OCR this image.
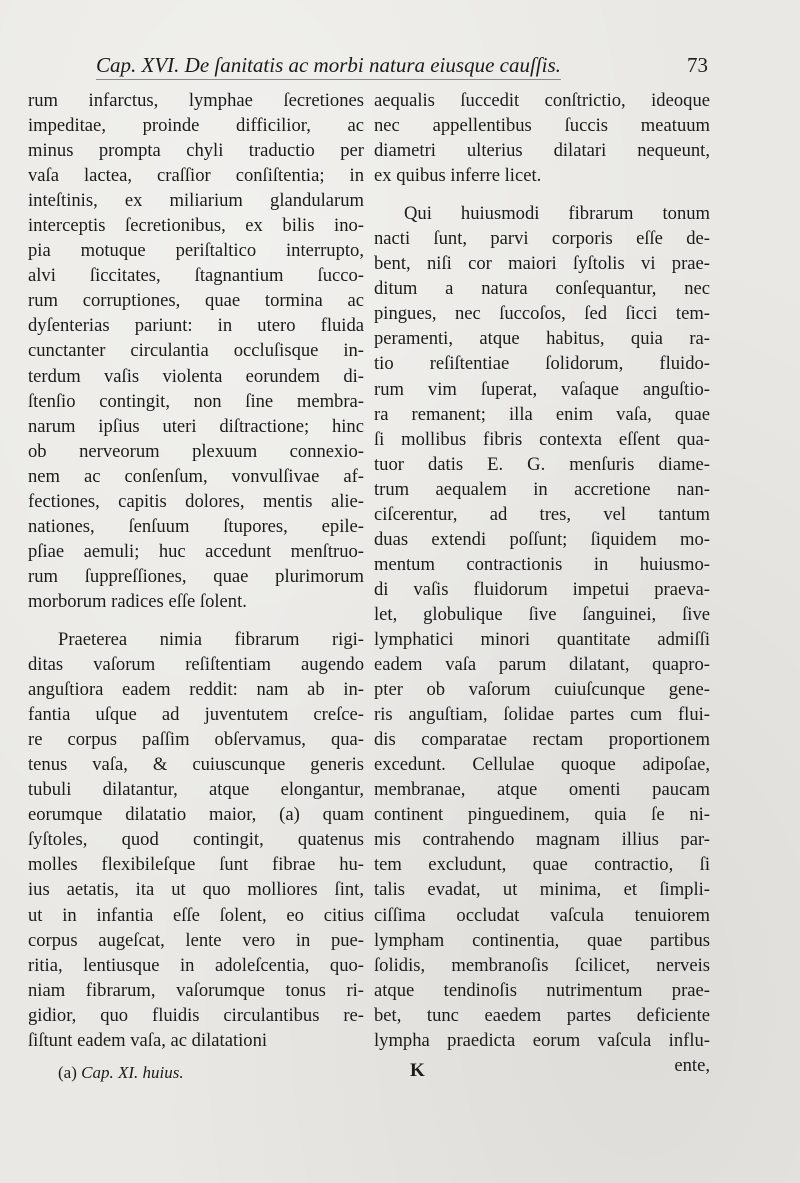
Cap. XVI. De ſanitatis ac morbi natura eiusque cauſſis.	73
rum infarctus, lymphae ſecretiones
impeditae, proinde difficilior, ac
minus prompta chyli traductio per
vaſa lactea, craſſior conſiſtentia; in
inteſtinis, ex miliarium glandularum
interceptis ſecretionibus, ex bilis ino-
pia motuque periſtaltico interrupto,
alvi ſiccitates, ſtagnantium ſucco-
rum corruptiones, quae tormina ac
dyſenterias pariunt: in utero fluida
cunctanter circulantia occluſisque in-
terdum vaſis violenta eorundem di-
ſtenſio contingit, non ſine membra-
narum ipſius uteri diſtractione; hinc
ob nerveorum plexuum connexio-
nem ac conſenſum, vonvulſivae af-
fectiones, capitis dolores, mentis alie-
nationes, ſenſuum ſtupores, epile-
pſiae aemuli; huc accedunt menſtruo-
rum ſuppreſſiones, quae plurimorum
morborum radices eſſe ſolent.
Praeterea nimia fibrarum rigi-
ditas vaſorum reſiſtentiam augendo
anguſtiora eadem reddit: nam ab in-
fantia uſque ad juventutem creſce-
re corpus paſſim obſervamus, qua-
tenus vaſa, & cuiuscunque generis
tubuli dilatantur, atque elongantur,
eorumque dilatatio maior, (a) quam
ſyſtoles, quod contingit, quatenus
molles flexibileſque ſunt fibrae hu-
ius aetatis, ita ut quo molliores ſint,
ut in infantia eſſe ſolent, eo citius
corpus augeſcat, lente vero in pue-
ritia, lentiusque in adoleſcentia, quo-
niam fibrarum, vaſorumque tonus ri-
gidior, quo fluidis circulantibus re-
ſiſtunt eadem vaſa, ac dilatationi
aequalis ſuccedit conſtrictio, ideoque
nec appellentibus ſuccis meatuum
diametri ulterius dilatari nequeunt,
ex quibus inferre licet.
Qui huiusmodi fibrarum tonum
nacti ſunt, parvi corporis eſſe de-
bent, niſi cor maiori ſyſtolis vi prae-
ditum a natura conſequantur, nec
pingues, nec ſuccoſos, ſed ſicci tem-
peramenti, atque habitus, quia ra-
tio reſiſtentiae ſolidorum, fluido-
rum vim ſuperat, vaſaque anguſtio-
ra remanent; illa enim vaſa, quae
ſi mollibus fibris contexta eſſent qua-
tuor datis E. G. menſuris diame-
trum aequalem in accretione nan-
ciſcerentur, ad tres, vel tantum
duas extendi poſſunt; ſiquidem mo-
mentum contractionis in huiusmo-
di vaſis fluidorum impetui praeva-
let, globulique ſive ſanguinei, ſive
lymphatici minori quantitate admiſſi
eadem vaſa parum dilatant, quapro-
pter ob vaſorum cuiuſcunque gene-
ris anguſtiam, ſolidae partes cum flui-
dis comparatae rectam proportionem
excedunt. Cellulae quoque adipoſae,
membranae, atque omenti paucam
continent pinguedinem, quia ſe ni-
mis contrahendo magnam illius par-
tem excludunt, quae contractio, ſi
talis evadat, ut minima, et ſimpli-
ciſſima occludat vaſcula tenuiorem
lympham continentia, quae partibus
ſolidis, membranoſis ſcilicet, nerveis
atque tendinoſis nutrimentum prae-
bet, tunc eaedem partes deficiente
lympha praedicta eorum vaſcula influ-
ente,
(a) Cap. XI. huius.	K
